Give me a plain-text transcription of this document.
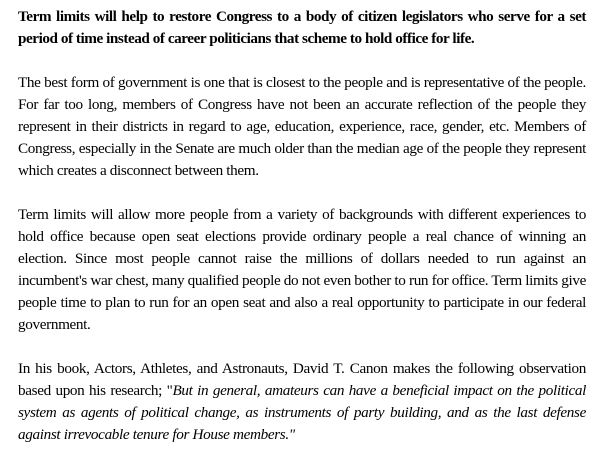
Term limits will help to restore Congress to a body of citizen legislators who serve for a set period of time instead of career politicians that scheme to hold office for life.

The best form of government is one that is closest to the people and is representative of the people. For far too long, members of Congress have not been an accurate reflection of the people they represent in their districts in regard to age, education, experience, race, gender, etc. Members of Congress, especially in the Senate are much older than the median age of the people they represent which creates a disconnect between them.

Term limits will allow more people from a variety of backgrounds with different experiences to hold office because open seat elections provide ordinary people a real chance of winning an election. Since most people cannot raise the millions of dollars needed to run against an incumbent's war chest, many qualified people do not even bother to run for office. Term limits give people time to plan to run for an open seat and also a real opportunity to participate in our federal government.

In his book, Actors, Athletes, and Astronauts, David T. Canon makes the following observation based upon his research; "But in general, amateurs can have a beneficial impact on the political system as agents of political change, as instruments of party building, and as the last defense against irrevocable tenure for House members."
